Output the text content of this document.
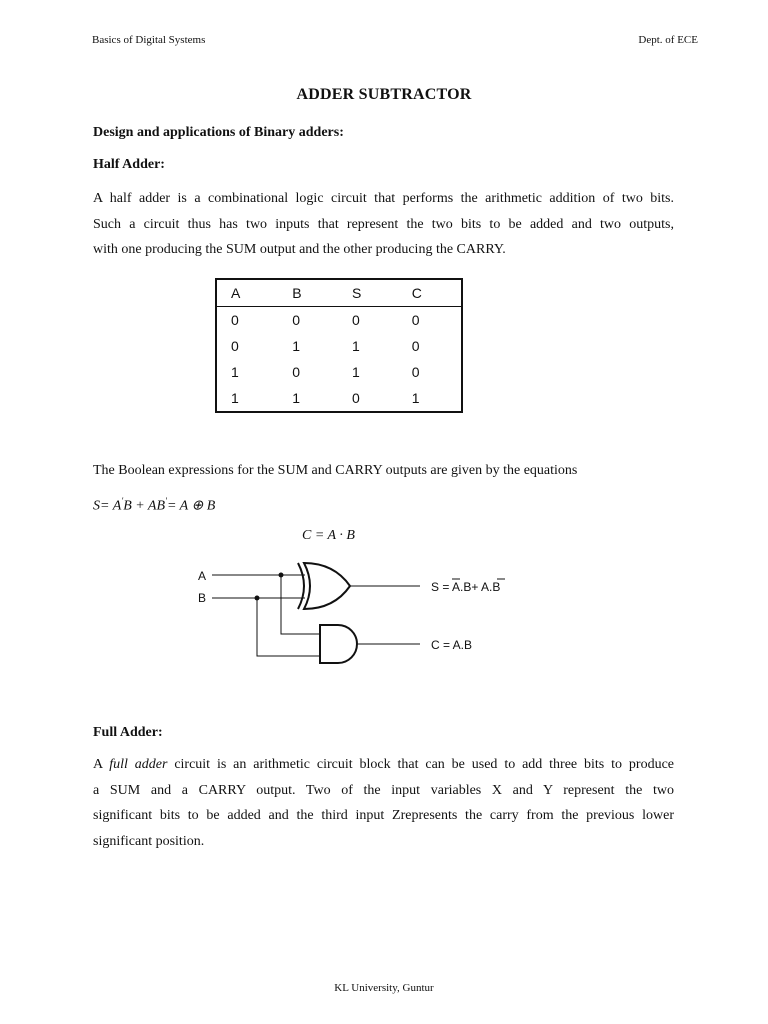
Basics of Digital Systems	Dept. of ECE
ADDER SUBTRACTOR
Design and applications of Binary adders:
Half Adder:
A half adder is a combinational logic circuit that performs the arithmetic addition of two bits.
Such a circuit thus has two inputs that represent the two bits to be added and two outputs,
with one producing the SUM output and the other producing the CARRY.
A	B	S	C
0	0	0	0
0	1	1	0
1	0	1	0
1	1	0	1
The Boolean expressions for the SUM and CARRY outputs are given by the equations
S= A'B + AB'= A ⊕ B
C = A · B
A
B
S = A.B+ A.B
C = A.B
Full Adder:
A full adder circuit is an arithmetic circuit block that can be used to add three bits to produce
a SUM and a CARRY output. Two of the input variables X and Y represent the two
significant bits to be added and the third input Zrepresents the carry from the previous lower
significant position.
KL University, Guntur
